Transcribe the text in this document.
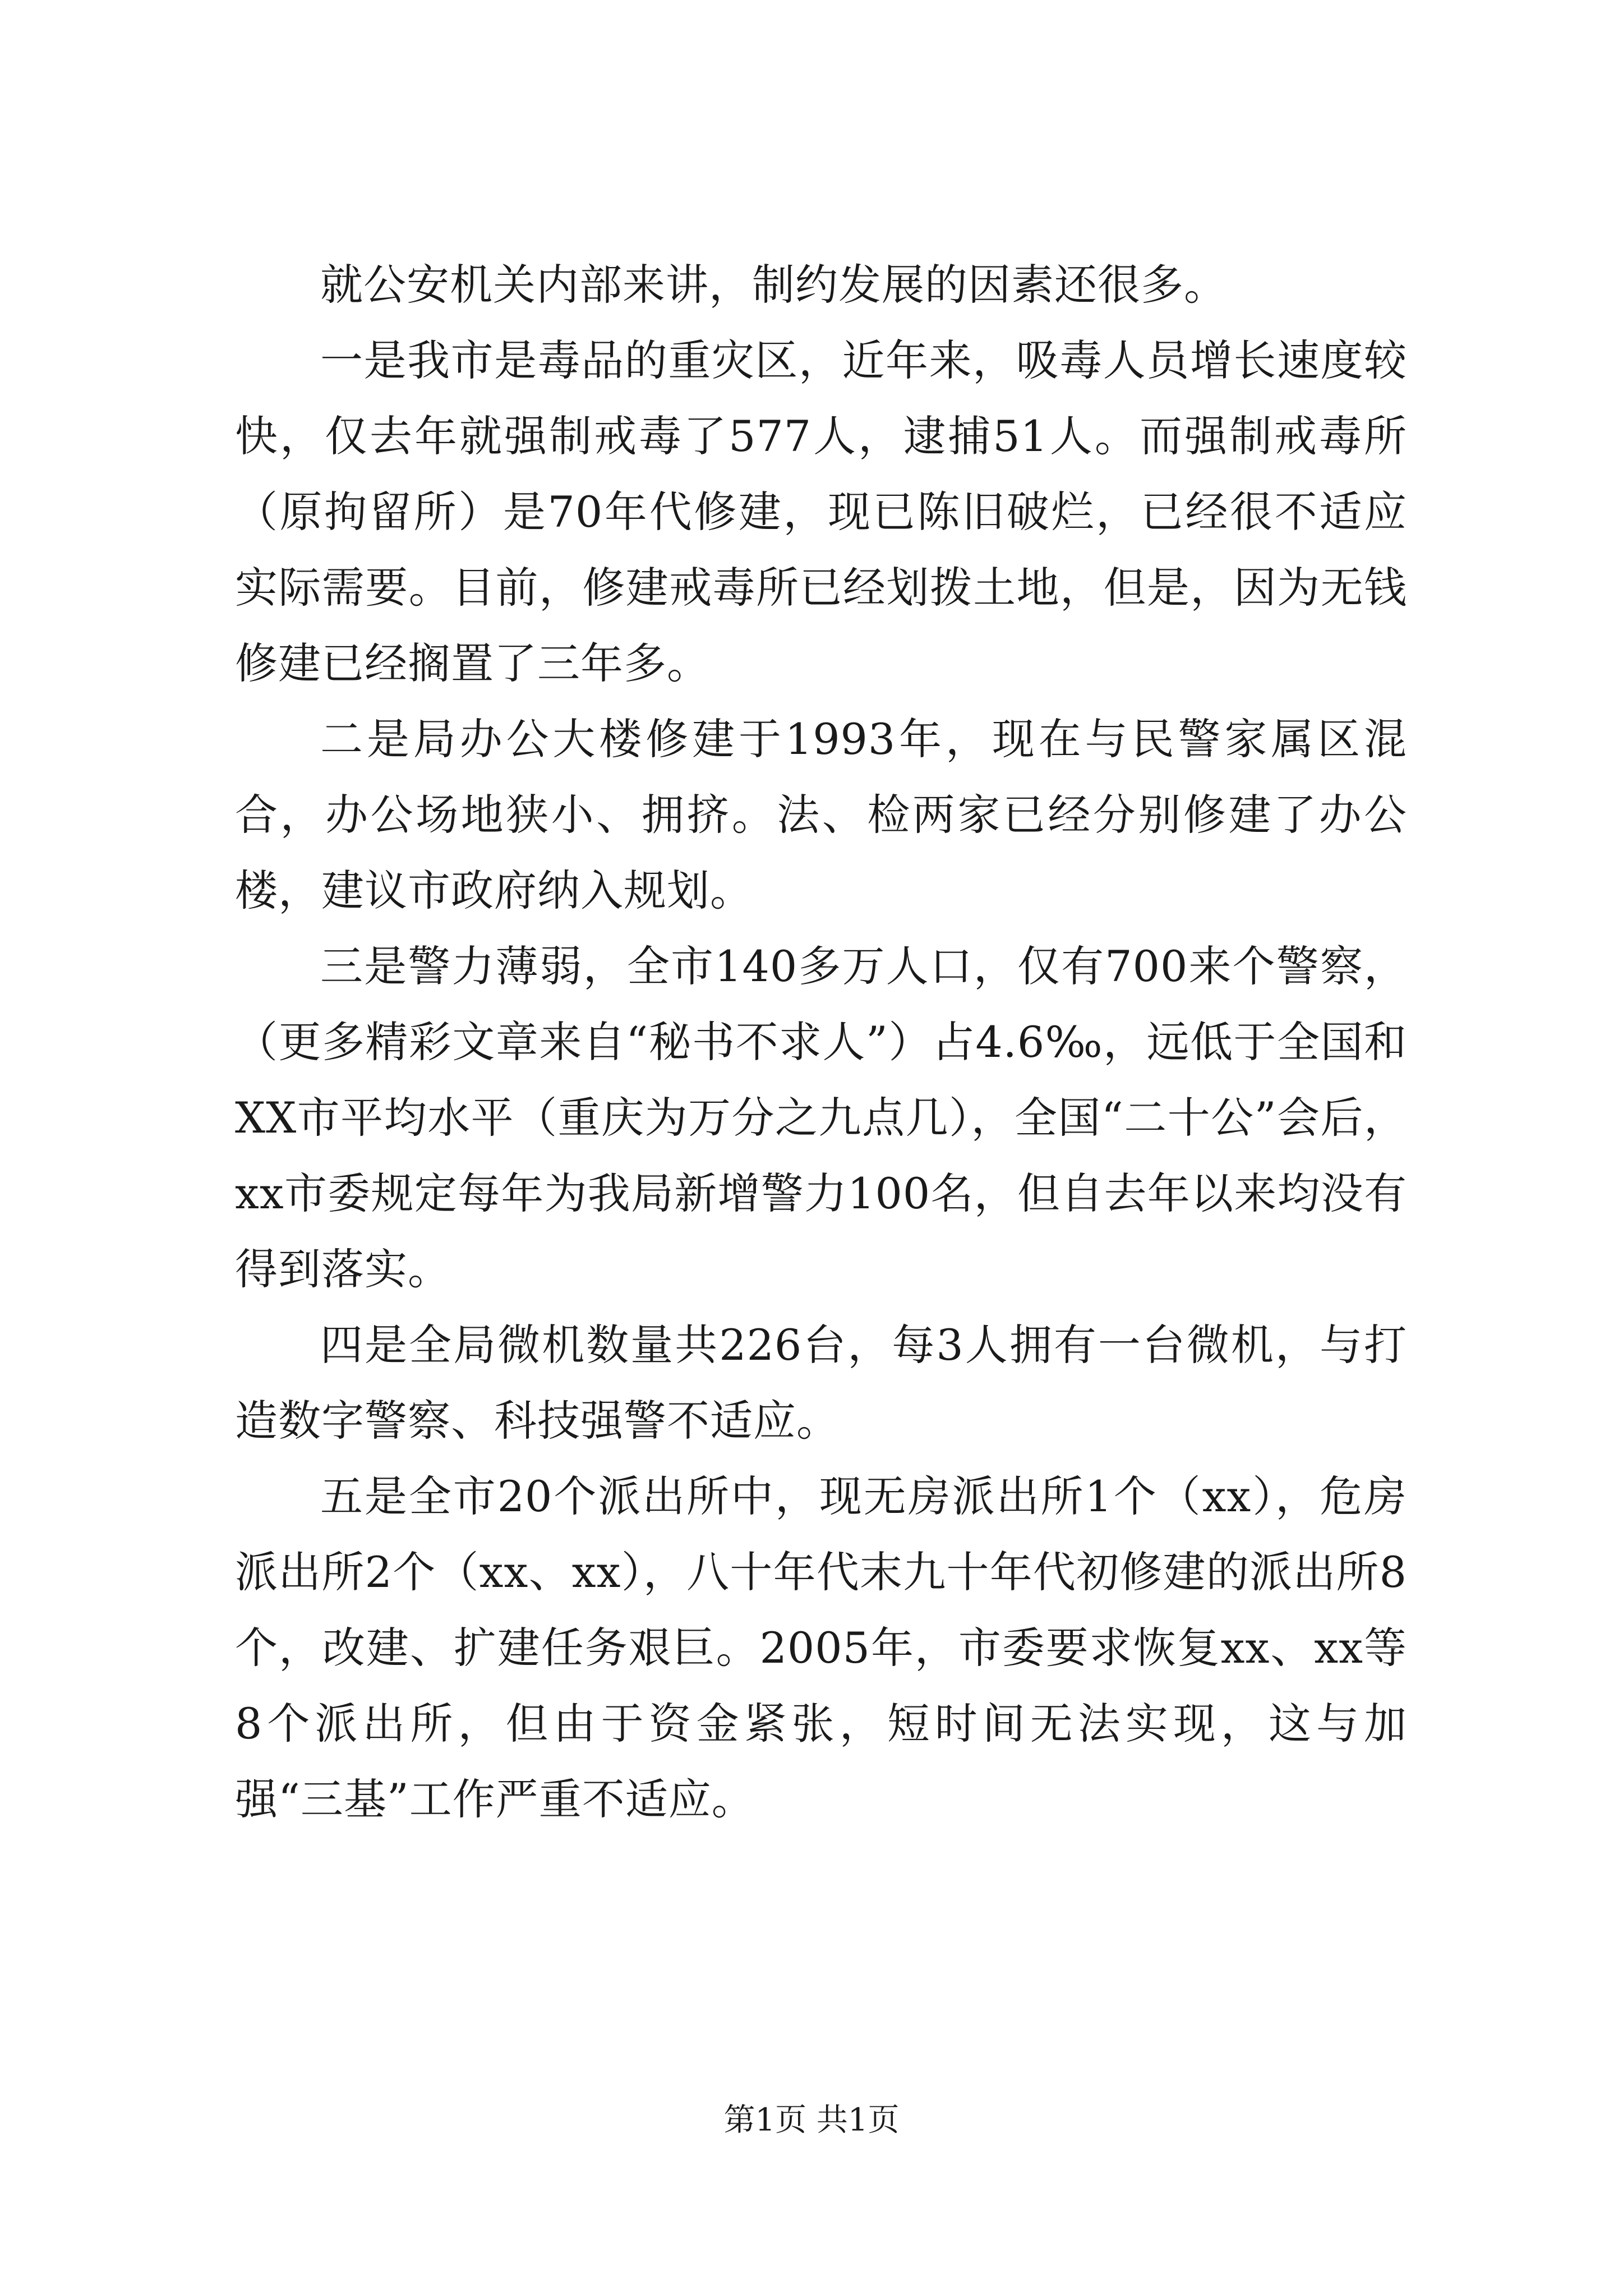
就公安机关内部来讲，制约发展的因素还很多。

一是我市是毒品的重灾区，近年来，吸毒人员增长速度较快，仅去年就强制戒毒了577人，逮捕51人。而强制戒毒所（原拘留所）是70年代修建，现已陈旧破烂，已经很不适应实际需要。目前，修建戒毒所已经划拨土地，但是，因为无钱修建已经搁置了三年多。

二是局办公大楼修建于1993年，现在与民警家属区混合，办公场地狭小、拥挤。法、检两家已经分别修建了办公楼，建议市政府纳入规划。

三是警力薄弱，全市140多万人口，仅有700来个警察，（更多精彩文章来自“秘书不求人”）占4.6‰，远低于全国和XX市平均水平（重庆为万分之九点几），全国“二十公”会后，xx市委规定每年为我局新增警力100名，但自去年以来均没有得到落实。

四是全局微机数量共226台，每3人拥有一台微机，与打造数字警察、科技强警不适应。

五是全市20个派出所中，现无房派出所1个（xx），危房派出所2个（xx、xx），八十年代末九十年代初修建的派出所8个，改建、扩建任务艰巨。2005年，市委要求恢复xx、xx等8个派出所，但由于资金紧张，短时间无法实现，这与加强“三基”工作严重不适应。

第1页 共1页
